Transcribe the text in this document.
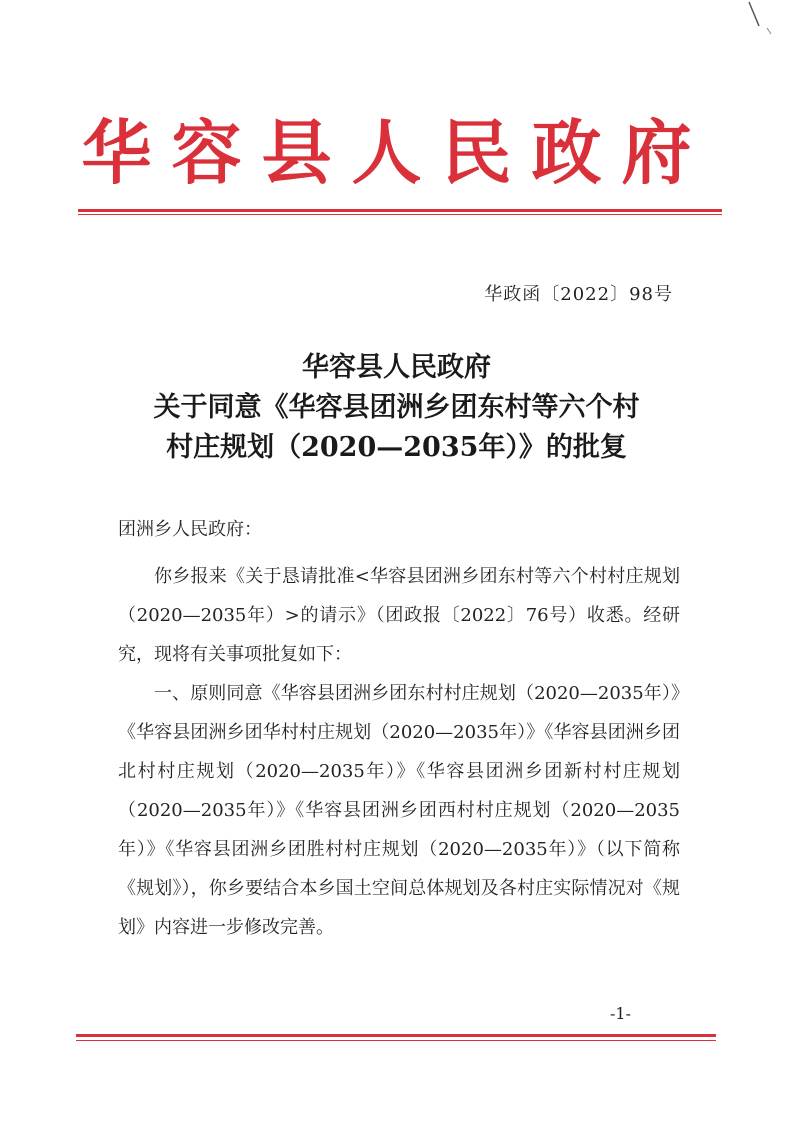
华容县人民政府
华政函〔2022〕98号
华容县人民政府
关于同意《华容县团洲乡团东村等六个村
村庄规划（2020—2035年）》的批复
团洲乡人民政府：

你乡报来《关于恳请批准<华容县团洲乡团东村等六个村村庄规划（2020—2035年）>的请示》（团政报〔2022〕76号）收悉。经研究，现将有关事项批复如下：

一、原则同意《华容县团洲乡团东村村庄规划（2020—2035年）》《华容县团洲乡团华村村庄规划（2020—2035年）》《华容县团洲乡团北村村庄规划（2020—2035年）》《华容县团洲乡团新村村庄规划（2020—2035年）》《华容县团洲乡团西村村庄规划（2020—2035年）》《华容县团洲乡团胜村村庄规划（2020—2035年）》（以下简称《规划》），你乡要结合本乡国土空间总体规划及各村庄实际情况对《规划》内容进一步修改完善。

-1-
